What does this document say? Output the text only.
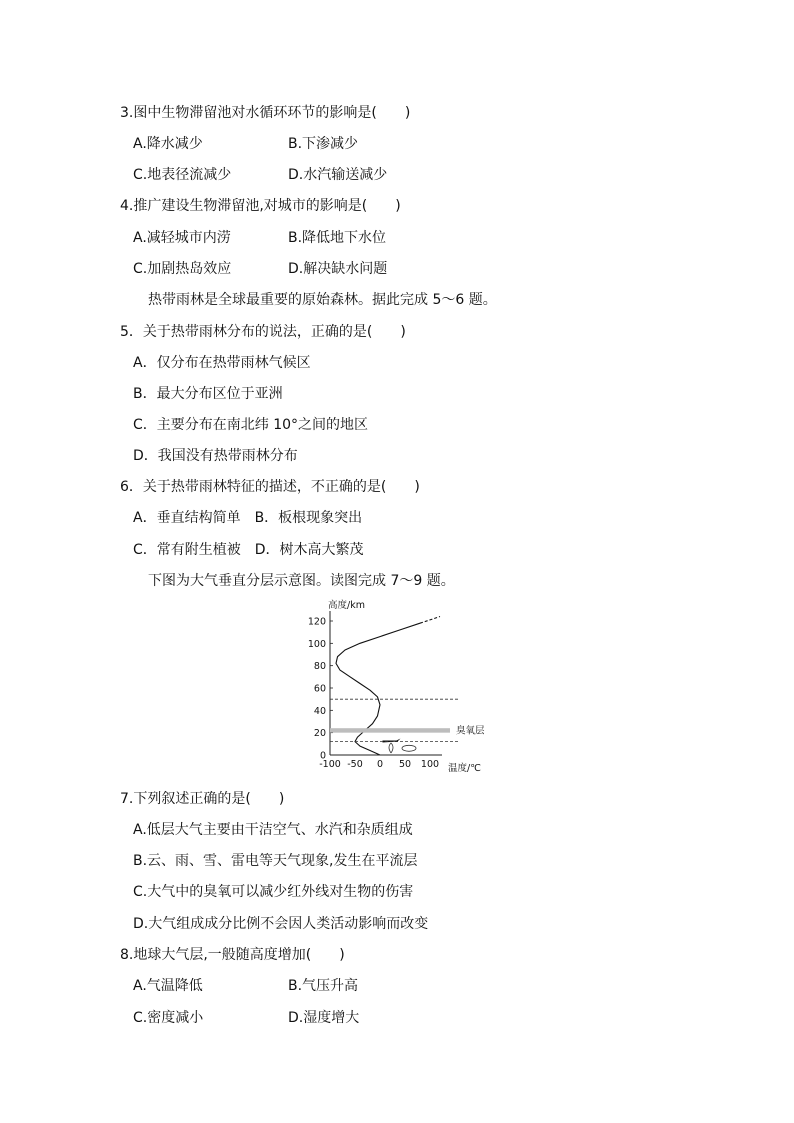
3.图中生物滞留池对水循环环节的影响是(　　)
A.降水减少	B.下渗减少
C.地表径流减少	D.水汽输送减少
4.推广建设生物滞留池,对城市的影响是(　　)
A.减轻城市内涝	B.降低地下水位
C.加剧热岛效应	D.解决缺水问题
热带雨林是全球最重要的原始森林。据此完成 5～6 题。
5．关于热带雨林分布的说法，正确的是(　　)
A．仅分布在热带雨林气候区
B．最大分布区位于亚洲
C．主要分布在南北纬 10°之间的地区
D．我国没有热带雨林分布
6．关于热带雨林特征的描述，不正确的是(　　)
A．垂直结构简单　B．板根现象突出
C．常有附生植被　D．树木高大繁茂
下图为大气垂直分层示意图。读图完成 7～9 题。
100
50
0
-50
-100
120
100
80
60
40
20
0
高度/km
温度/℃
臭氧层
7.下列叙述正确的是(　　)
A.低层大气主要由干洁空气、水汽和杂质组成
B.云、雨、雪、雷电等天气现象,发生在平流层
C.大气中的臭氧可以减少红外线对生物的伤害
D.大气组成成分比例不会因人类活动影响而改变
8.地球大气层,一般随高度增加(　　)
A.气温降低	B.气压升高
C.密度减小	D.湿度增大
